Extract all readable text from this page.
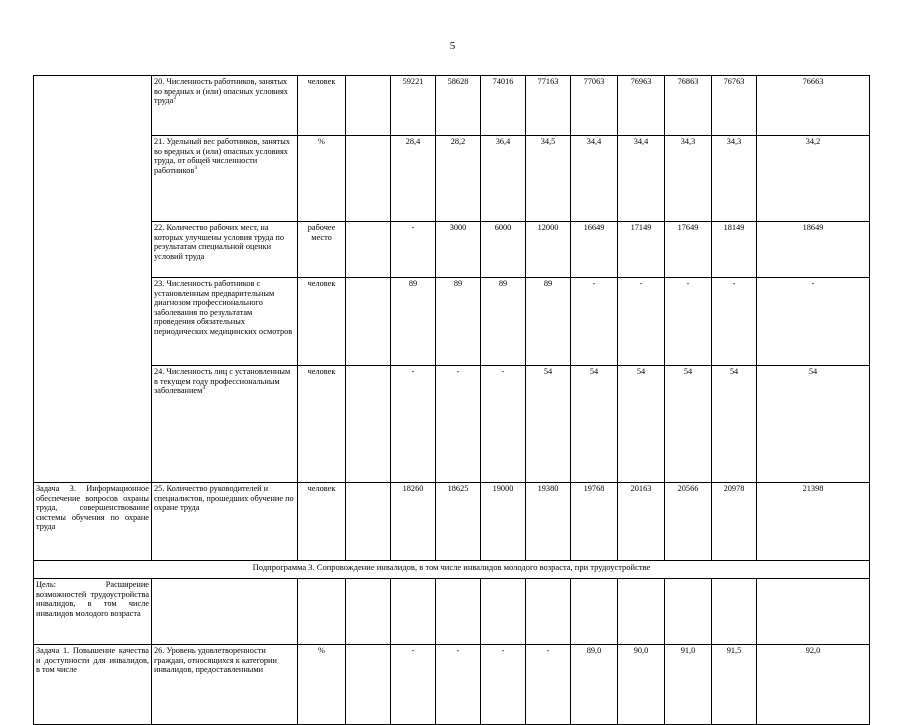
5
	20. Численность работников, занятых во вредных и (или) опасных условиях труда$^3$	человек		59221	58628	74016	77163	77063	76963	76863	76763	76663	
	21. Удельный вес работников, занятых во вредных и (или) опасных условиях труда, от общей численности работников$^3$	%		28,4	28,2	36,4	34,5	34,4	34,4	34,3	34,3	34,2	
	22. Количество рабочих мест, на которых улучшены условия труда по результатам специальной оценки условий труда	рабочее место		-	3000	6000	12000	16649	17149	17649	18149	18649	
	23. Численность работников с установленным предварительным диагнозом профессионального заболевания по результатам проведения обязательных периодических медицинских осмотров	человек		89	89	89	89	-	-	-	-	-	
	24. Численность лиц с установленным в текущем году профессиональным заболеванием$^4$	человек		-	-	-	54	54	54	54	54	54	
Задача 3. Информационное обеспечение вопросов охраны труда, совершенствование системы обучения по охране труда	25. Количество руководителей и специалистов, прошедших обучение по охране труда	человек		18260	18625	19000	19380	19768	20163	20566	20978	21398	
Подпрограмма 3. Сопровождение инвалидов, в том числе инвалидов молодого возраста, при трудоустройстве													
Цель: Расширение возможностей трудоустройства инвалидов, в том числе инвалидов молодого возраста													
Задача 1. Повышение качества и доступности для инвалидов, в том числе	26. Уровень удовлетворенности граждан, относящихся к категории инвалидов, предоставленными	%		-	-	-	-	89,0	90,0	91,0	91,5	92,0	
